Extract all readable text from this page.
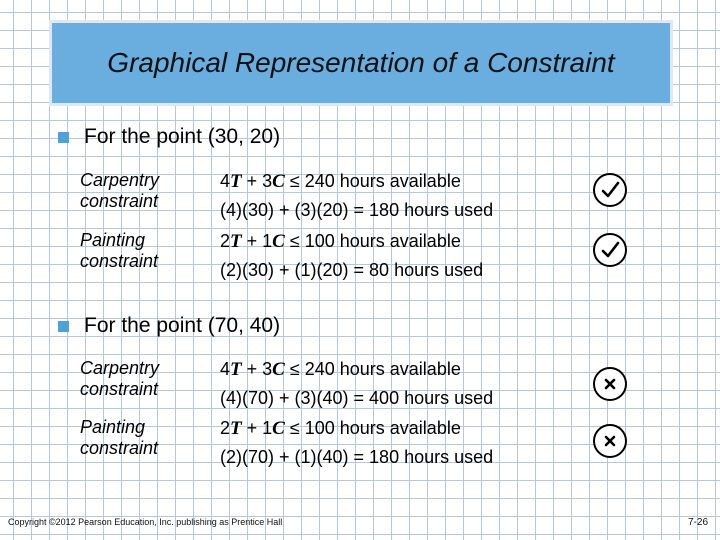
Graphical Representation of a Constraint
For the point (30, 20)
Carpentry
constraint
4T + 3C ≤ 240 hours available
(4)(30) + (3)(20) = 180 hours used
Painting
constraint
2T + 1C ≤ 100 hours available
(2)(30) + (1)(20) = 80 hours used
For the point (70, 40)
Carpentry
constraint
4T + 3C ≤ 240 hours available
(4)(70) + (3)(40) = 400 hours used
Painting
constraint
2T + 1C ≤ 100 hours available
(2)(70) + (1)(40) = 180 hours used
Copyright ©2012 Pearson Education, Inc. publishing as Prentice Hall	7-26
